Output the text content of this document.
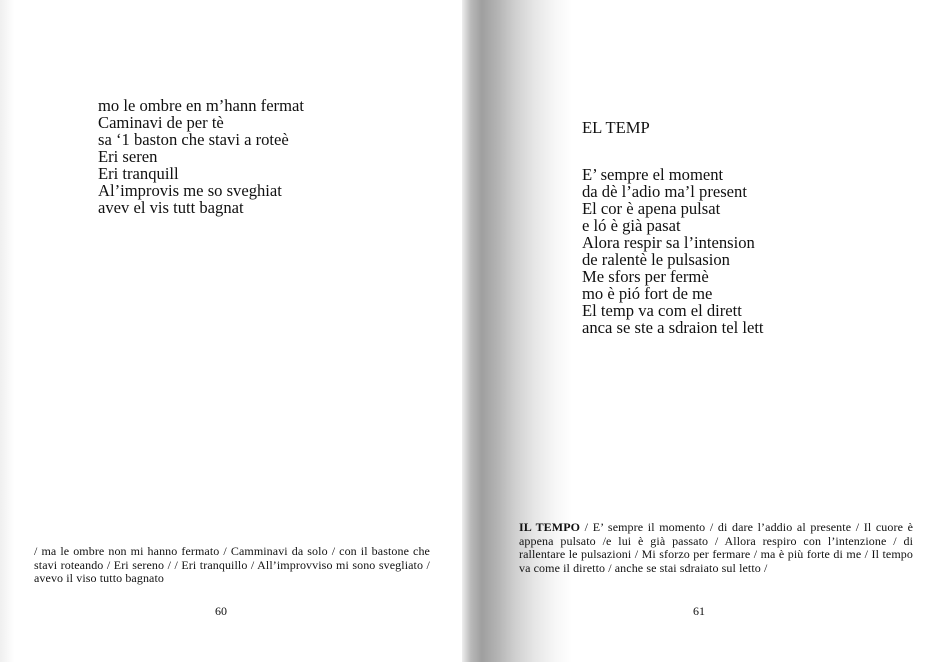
mo le ombre en m’hann fermat
Caminavi de per tè
sa ‘1 baston che stavi a roteè
Eri seren
Eri tranquill
Al’improvis me so sveghiat
avev el vis tutt bagnat

/ ma le ombre non mi hanno fermato / Camminavi da solo / con il bastone che stavi roteando / Eri sereno / / Eri tranquillo / All’improvviso mi sono svegliato / avevo il viso tutto bagnato

60
EL TEMP
E’ sempre el moment
da dè l’adio ma’l present
El cor è apena pulsat
e ló è già pasat
Alora respir sa l’intension
de ralentè le pulsasion
Me sfors per fermè
mo è pió fort de me
El temp va com el dirett
anca se ste a sdraion tel lett

IL TEMPO / E’ sempre il momento / di dare l’addio al presente / Il cuore è appena pulsato /e lui è già passato / Allora respiro con l’intenzione / di rallentare le pulsazioni / Mi sforzo per fermare / ma è più forte di me / Il tempo va come il diretto / anche se stai sdraiato sul letto /

61
